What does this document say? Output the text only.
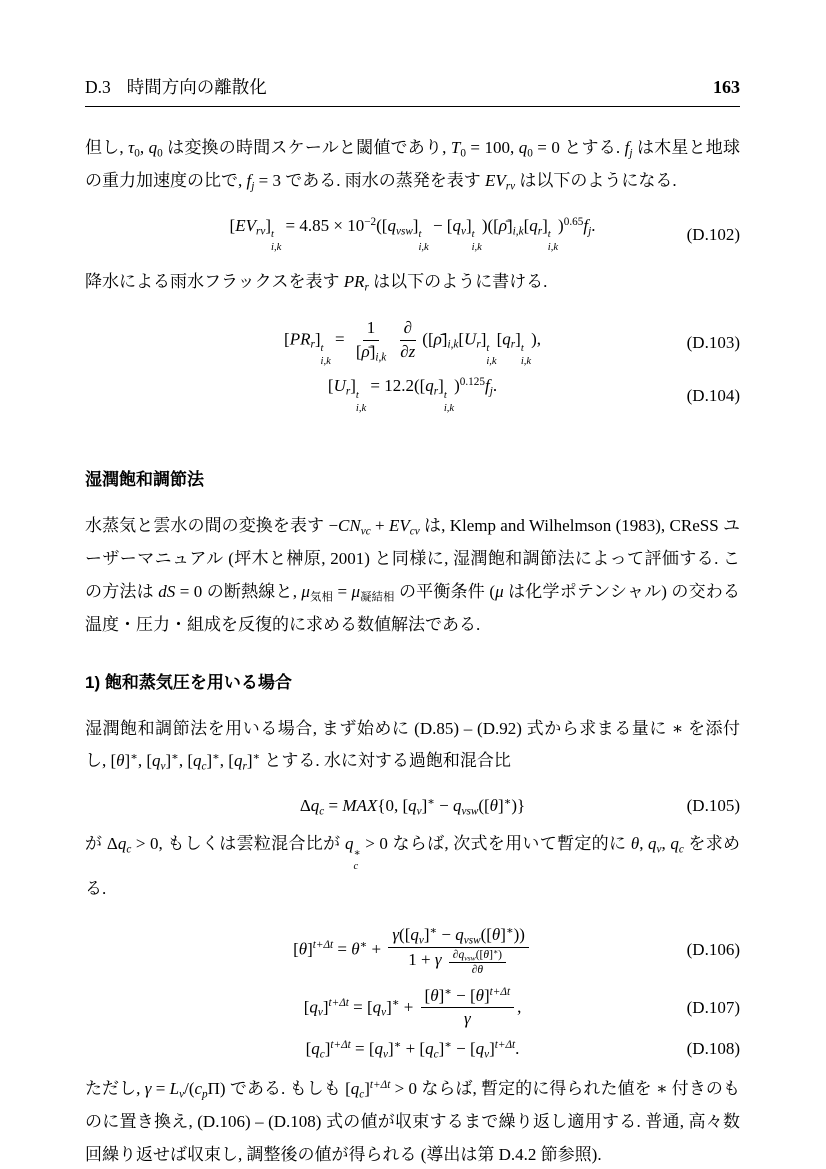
D.3 時間方向の離散化	163

但し, $\tau_0$, $q_0$ は変換の時間スケールと閾値であり, $T_0 = 100$, $q_0 = 0$ とする. $f_j$ は木星と地球の重力加速度の比で, $f_j = 3$ である. 雨水の蒸発を表す $EV_{rv}$ は以下のようになる.

$[EV_{rv}]$
t
i,k
= $4.85 \times 10^{-2}([q_{vsw}]$
t
i,k
− $[q_v]$
t
i,k
)($[\rhō]_{i,k}[q_r]$
t
i,k
)$^{0.65}f_j$.	(D.102)

降水による雨水フラックスを表す $PR_r$ は以下のように書ける.

$[PR_r]$
t
i,k
= $\frac{1}{[\rhō]_{i,k}} \frac{\partial}{\partial z}$ ($[\rhō]_{i,k}[U_r]$
t
i,k
$[q_r]$
t
i,k
),	(D.103)
$[U_r]$
t
i,k
= $12.2([q_r]$
t
i,k
)$^{0.125}f_j$.	(D.104)
湿潤飽和調節法

水蒸気と雲水の間の変換を表す $-CN_{vc} + EV_{cv}$ は, Klemp and Wilhelmson (1983), CReSS ユーザーマニュアル (坪木と榊原, 2001) と同様に, 湿潤飽和調節法によって評価する. この方法は dS = 0 の断熱線と, $\mu_{気相} = \mu_{凝結相}$ の平衡条件 (μ は化学ポテンシャル) の交わる温度・圧力・組成を反復的に求める数値解法である.

1) 飽和蒸気圧を用いる場合

湿潤飽和調節法を用いる場合, まず始めに (D.85) – (D.92) 式から求まる量に ∗ を添付し, [θ]∗, $[q_v]^∗$, $[q_c]^∗$, $[q_r]^∗$ とする. 水に対する過飽和混合比

$\Delta q_c = MAX\{0$, $[q_v]^∗ - q_{vsw}([\theta]^∗)$}	(D.105)

が $\Delta q_c > 0$, もしくは雲粒混合比が q
∗
c
> 0 ならば, 次式を用いて暫定的に θ, $q_v$, $q_c$ を求める.

$[\theta]^{t+\Delta t} = \theta^∗ + \frac{\gamma([q_v]^∗ - q_{vsw}([\theta]^∗))}{1 + \gamma \frac{\partial q_{vsw}([\theta]^∗)}{\partial\theta}}$	(D.106)
$[q_v]^{t+\Delta t} = [q_v]^∗ + \frac{[\theta]^∗ - [\theta]^{t+\Delta t}}{\gamma}$ ,	(D.107)
$[q_c]^{t+\Delta t} = [q_v]^∗ + [q_c]^∗ - [q_v]^{t+\Delta t}$.	(D.108)

ただし, $\gamma = L_v/(c_p\Pi)$ である. もしも $[q_c]^{t+\Delta t} > 0$ ならば, 暫定的に得られた値を ∗ 付きのものに置き換え, (D.106) – (D.108) 式の値が収束するまで繰り返し適用する. 普通, 高々数回繰り返せば収束し, 調整後の値が得られる (導出は第 D.4.2 節参照).
